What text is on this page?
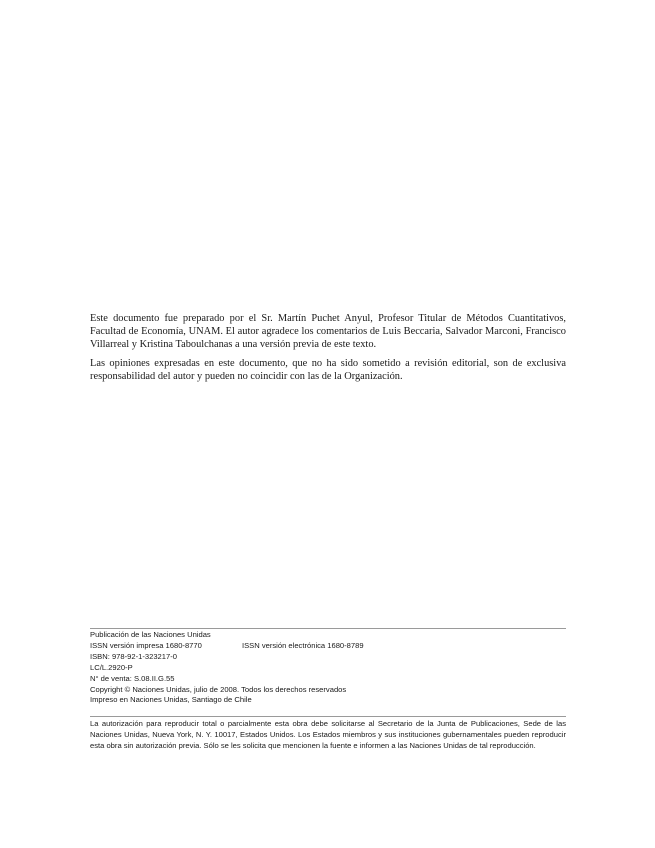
Este documento fue preparado por el Sr. Martín Puchet Anyul, Profesor Titular de Métodos Cuantitativos, Facultad de Economía, UNAM. El autor agradece los comentarios de Luis Beccaria, Salvador Marconi, Francisco Villarreal y Kristina Taboulchanas a una versión previa de este texto.

Las opiniones expresadas en este documento, que no ha sido sometido a revisión editorial, son de exclusiva responsabilidad del autor y pueden no coincidir con las de la Organización.

Publicación de las Naciones Unidas
ISSN versión impresa 1680-8770	ISSN versión electrónica 1680-8789
ISBN: 978-92-1-323217-0
LC/L.2920-P
N° de venta: S.08.II.G.55
Copyright © Naciones Unidas, julio de 2008. Todos los derechos reservados
Impreso en Naciones Unidas, Santiago de Chile

La autorización para reproducir total o parcialmente esta obra debe solicitarse al Secretario de la Junta de Publicaciones, Sede de las Naciones Unidas, Nueva York, N. Y. 10017, Estados Unidos. Los Estados miembros y sus instituciones gubernamentales pueden reproducir esta obra sin autorización previa. Sólo se les solicita que mencionen la fuente e informen a las Naciones Unidas de tal reproducción.
